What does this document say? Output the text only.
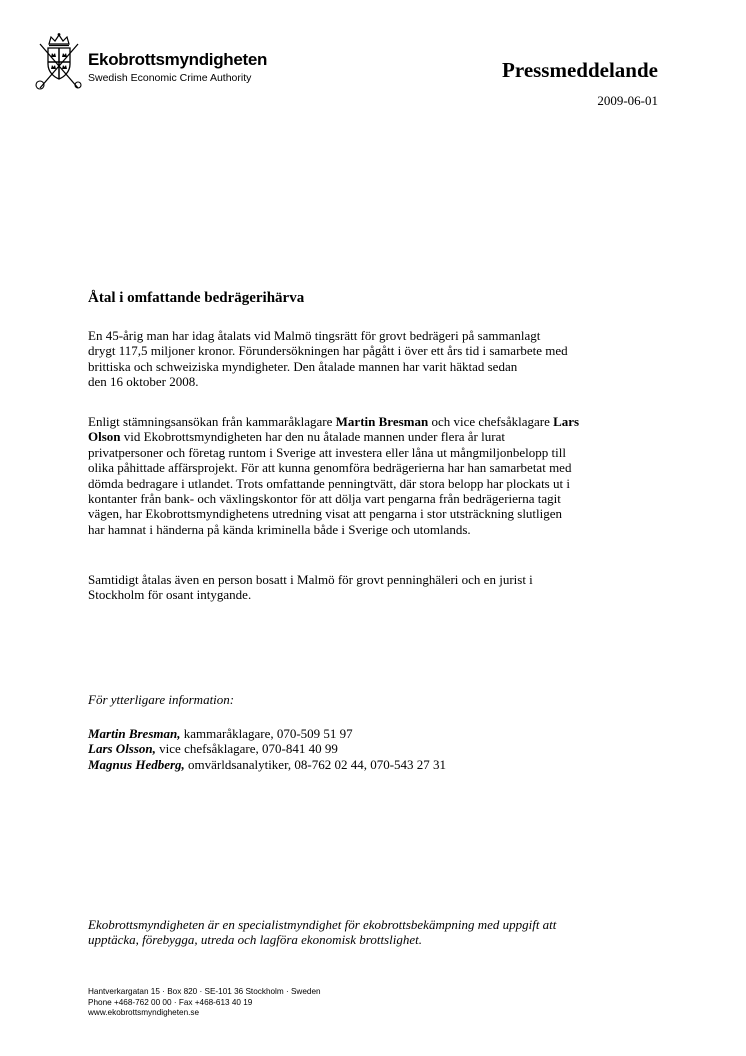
Ekobrottsmyndigheten
Swedish Economic Crime Authority	Pressmeddelande
2009-06-01
Åtal i omfattande bedrägerihärva
En 45-årig man har idag åtalats vid Malmö tingsrätt för grovt bedrägeri på sammanlagt
drygt 117,5 miljoner kronor. Förundersökningen har pågått i över ett års tid i samarbete med
brittiska och schweiziska myndigheter. Den åtalade mannen har varit häktad sedan
den 16 oktober 2008.
Enligt stämningsansökan från kammaråklagare Martin Bresman och vice chefsåklagare Lars
Olson vid Ekobrottsmyndigheten har den nu åtalade mannen under flera år lurat
privatpersoner och företag runtom i Sverige att investera eller låna ut mångmiljonbelopp till
olika påhittade affärsprojekt. För att kunna genomföra bedrägerierna har han samarbetat med
dömda bedragare i utlandet. Trots omfattande penningtvätt, där stora belopp har plockats ut i
kontanter från bank- och växlingskontor för att dölja vart pengarna från bedrägerierna tagit
vägen, har Ekobrottsmyndighetens utredning visat att pengarna i stor utsträckning slutligen
har hamnat i händerna på kända kriminella både i Sverige och utomlands.
Samtidigt åtalas även en person bosatt i Malmö för grovt penninghäleri och en jurist i
Stockholm för osant intygande.
För ytterligare information:
Martin Bresman, kammaråklagare, 070-509 51 97
Lars Olsson, vice chefsåklagare, 070-841 40 99
Magnus Hedberg, omvärldsanalytiker, 08-762 02 44, 070-543 27 31
Ekobrottsmyndigheten är en specialistmyndighet för ekobrottsbekämpning med uppgift att
upptäcka, förebygga, utreda och lagföra ekonomisk brottslighet.
Hantverkargatan 15 · Box 820 · SE-101 36 Stockholm · Sweden
Phone +468-762 00 00 · Fax +468-613 40 19
www.ekobrottsmyndigheten.se
